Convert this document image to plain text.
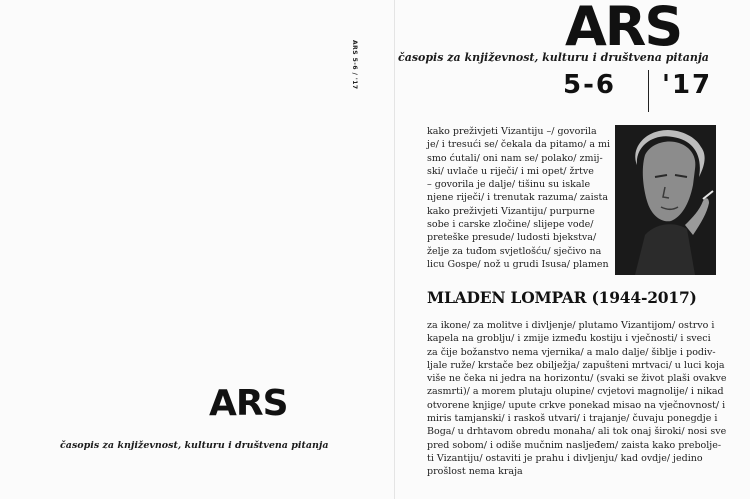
ARS 5-6 / '17
ARS
časopis za književnost, kulturu i društvena pitanja
ARS
časopis za književnost, kulturu i društvena pitanja
5-6 '17
kako preživjeti Vizantiju –/ govorila
je/ i tresući se/ čekala da pitamo/ a mi
smo ćutali/ oni nam se/ polako/ zmij-
ski/ uvlače u riječi/ i mi opet/ žrtve
– govorila je dalje/ tišinu su iskale
njene riječi/ i trenutak razuma/ zaista
kako preživjeti Vizantiju/ purpurne
sobe i carske zločine/ slijepe vode/
preteške presude/ ludosti bjekstva/
želje za tuđom svjetlošću/ sječivo na
licu Gospe/ nož u grudi Isusa/ plamen
MLADEN LOMPAR (1944-2017)
za ikone/ za molitve i divljenje/ plutamo Vizantijom/ ostrvo i
kapela na groblju/ i zmije između kostiju i vječnosti/ i sveci
za čije božanstvo nema vjernika/ a malo dalje/ šiblje i podiv-
ljale ruže/ krstače bez obilježja/ zapušteni mrtvaci/ u luci koja
više ne čeka ni jedra na horizontu/ (svaki se život plaši ovakve
zasmrti)/ a morem plutaju olupine/ cvjetovi magnolije/ i nikad
otvorene knjige/ upute crkve ponekad misao na vječnovnost/ i
miris tamjanski/ i raskoš utvari/ i trajanje/ čuvaju ponegdje i
Boga/ u drhtavom obredu monaha/ ali tok onaj široki/ nosi sve
pred sobom/ i odiše mučnim nasljeđem/ zaista kako preboljе-
ti Vizantiju/ ostaviti je prahu i divljenju/ kad ovdje/ jedino
prošlost nema kraja
